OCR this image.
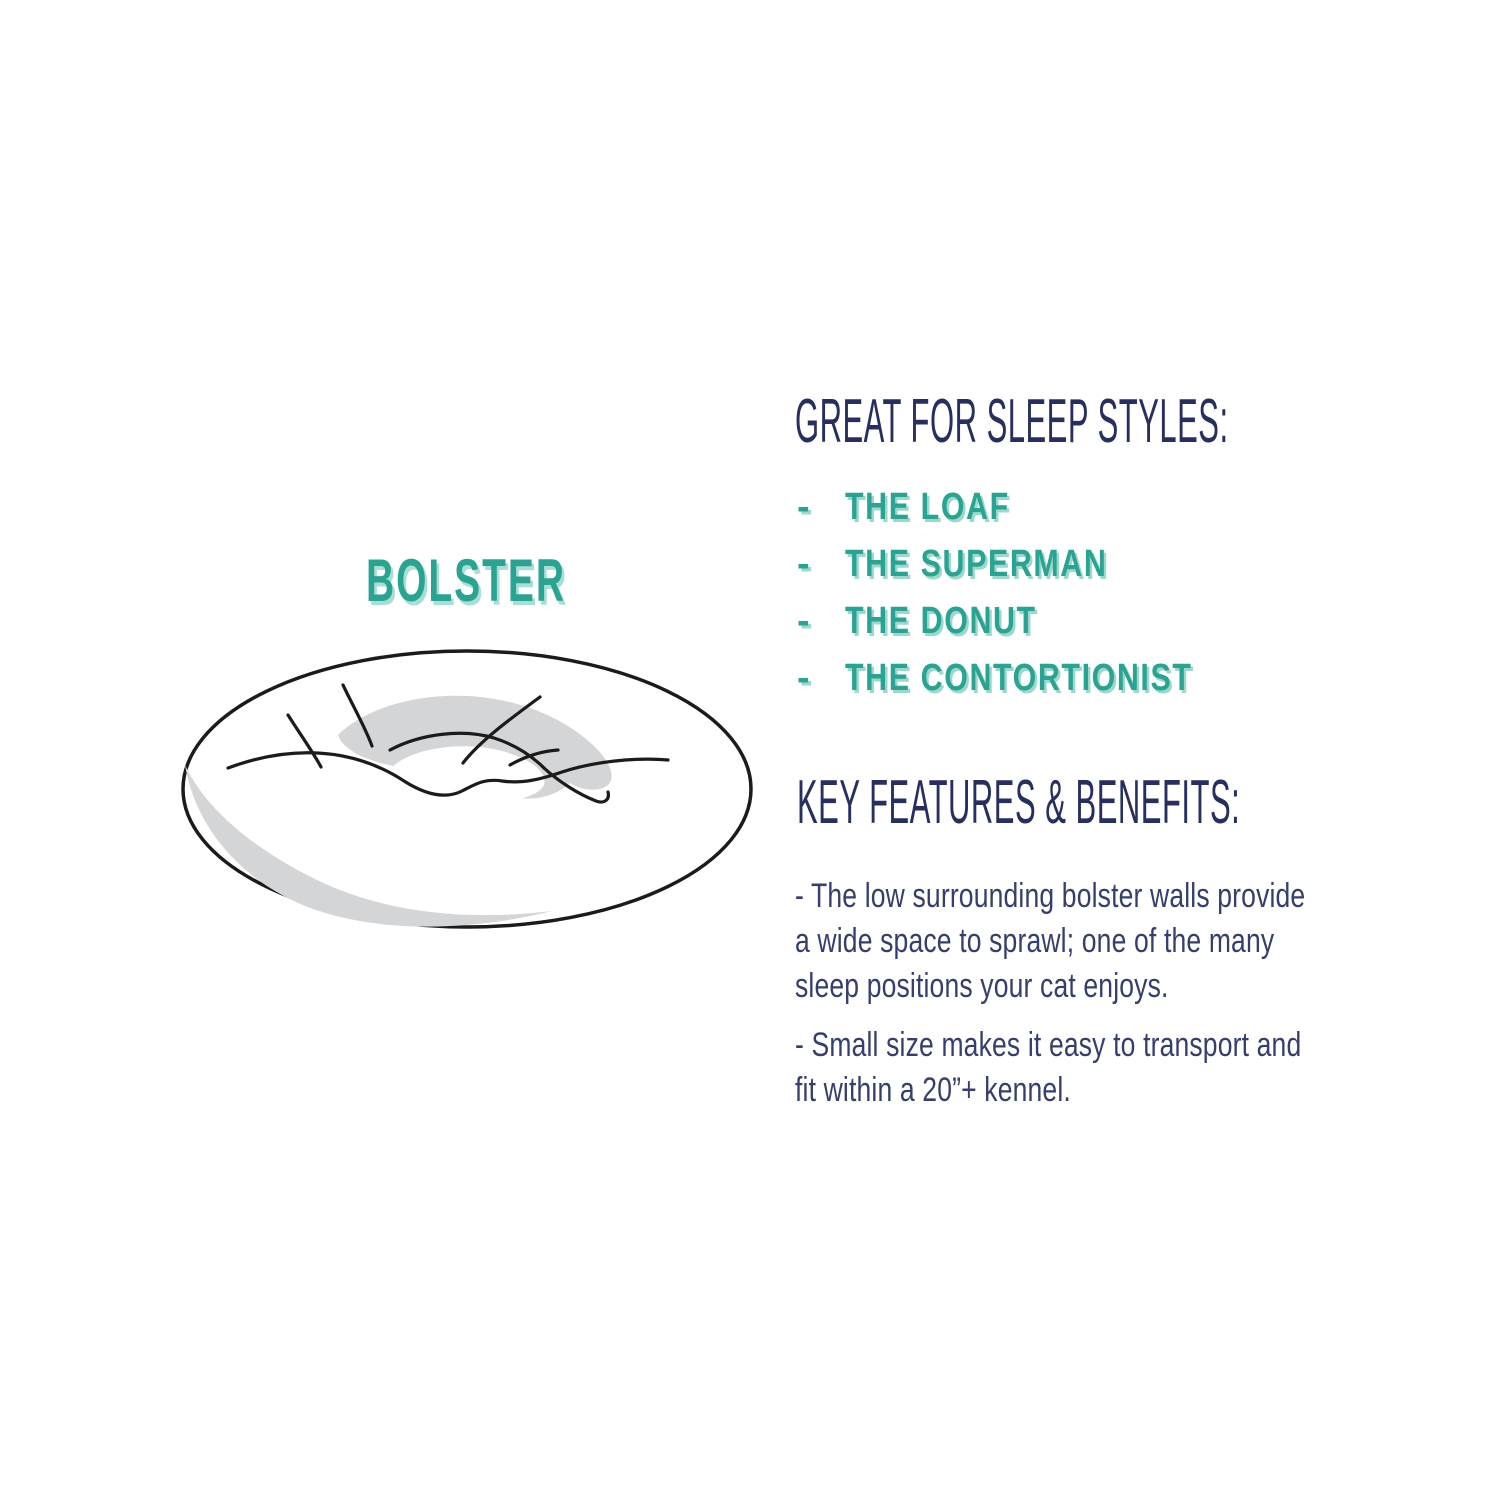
BOLSTER
GREAT FOR SLEEP STYLES:
- THE LOAF
- THE SUPERMAN
- THE DONUT
- THE CONTORTIONIST
KEY FEATURES & BENEFITS:
- The low surrounding bolster walls provide
a wide space to sprawl; one of the many
sleep positions your cat enjoys.
- Small size makes it easy to transport and
fit within a 20”+ kennel.
